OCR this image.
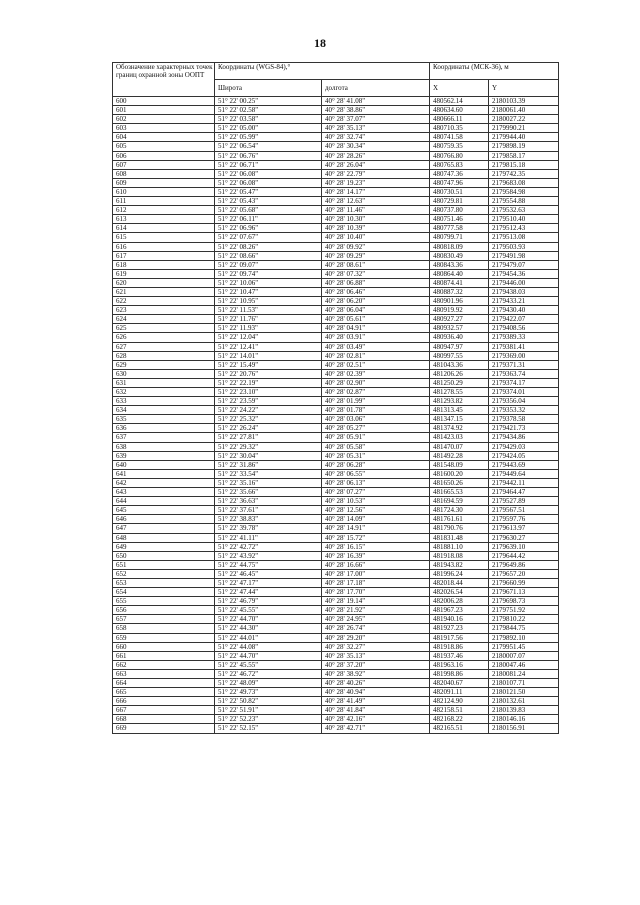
18
Обозначение характерных точек границ охранной зоны ООПТ	Координаты (WGS-84),°		Координаты (МСК-36), м	
	Широта	долгота	X	Y
600	51° 22' 00.25"	40° 28' 41.08"	480562.14	2180103.39
601	51° 22' 02.58"	40° 28' 38.86"	480634.60	2180061.40
602	51° 22' 03.58"	40° 28' 37.07"	480666.11	2180027.22
603	51° 22' 05.00"	40° 28' 35.13"	480710.35	2179990.21
604	51° 22' 05.99"	40° 28' 32.74"	480741.58	2179944.40
605	51° 22' 06.54"	40° 28' 30.34"	480759.35	2179898.19
606	51° 22' 06.76"	40° 28' 28.26"	480766.80	2179858.17
607	51° 22' 06.71"	40° 28' 26.04"	480765.83	2179815.18
608	51° 22' 06.08"	40° 28' 22.79"	480747.36	2179742.35
609	51° 22' 06.08"	40° 28' 19.23"	480747.96	2179683.08
610	51° 22' 05.47"	40° 28' 14.17"	480730.51	2179584.98
611	51° 22' 05.43"	40° 28' 12.63"	480729.81	2179554.88
612	51° 22' 05.68"	40° 28' 11.46"	480737.80	2179532.63
613	51° 22' 06.11"	40° 28' 10.30"	480751.46	2179510.40
614	51° 22' 06.96"	40° 28' 10.39"	480777.58	2179512.43
615	51° 22' 07.67"	40° 28' 10.40"	480799.71	2179513.08
616	51° 22' 08.26"	40° 28' 09.92"	480818.09	2179503.93
617	51° 22' 08.66"	40° 28' 09.29"	480830.49	2179491.98
618	51° 22' 09.07"	40° 28' 08.61"	480843.36	2179479.07
619	51° 22' 09.74"	40° 28' 07.32"	480864.40	2179454.36
620	51° 22' 10.06"	40° 28' 06.88"	480874.41	2179446.00
621	51° 22' 10.47"	40° 28' 06.46"	480887.32	2179438.03
622	51° 22' 10.95"	40° 28' 06.20"	480901.96	2179433.21
623	51° 22' 11.53"	40° 28' 06.04"	480919.92	2179430.40
624	51° 22' 11.76"	40° 28' 05.61"	480927.27	2179422.07
625	51° 22' 11.93"	40° 28' 04.91"	480932.57	2179408.56
626	51° 22' 12.04"	40° 28' 03.91"	480936.40	2179389.33
627	51° 22' 12.41"	40° 28' 03.49"	480947.97	2179381.41
628	51° 22' 14.01"	40° 28' 02.81"	480997.55	2179369.00
629	51° 22' 15.49"	40° 28' 02.51"	481043.36	2179371.31
630	51° 22' 20.76"	40° 28' 02.39"	481206.26	2179363.74
631	51° 22' 22.19"	40° 28' 02.90"	481250.29	2179374.17
632	51° 22' 23.10"	40° 28' 02.87"	481278.55	2179374.01
633	51° 22' 23.59"	40° 28' 01.99"	481293.82	2179356.04
634	51° 22' 24.22"	40° 28' 01.78"	481313.45	2179353.32
635	51° 22' 25.32"	40° 28' 03.06"	481347.15	2179378.58
636	51° 22' 26.24"	40° 28' 05.27"	481374.92	2179421.73
637	51° 22' 27.81"	40° 28' 05.91"	481423.03	2179434.86
638	51° 22' 29.32"	40° 28' 05.58"	481470.07	2179429.03
639	51° 22' 30.04"	40° 28' 05.31"	481492.28	2179424.05
640	51° 22' 31.86"	40° 28' 06.28"	481548.09	2179443.69
641	51° 22' 33.54"	40° 28' 06.55"	481600.20	2179449.64
642	51° 22' 35.16"	40° 28' 06.13"	481650.26	2179442.11
643	51° 22' 35.66"	40° 28' 07.27"	481665.53	2179464.47
644	51° 22' 36.63"	40° 28' 10.53"	481694.59	2179527.89
645	51° 22' 37.61"	40° 28' 12.56"	481724.30	2179567.51
646	51° 22' 38.83"	40° 28' 14.09"	481761.61	2179597.76
647	51° 22' 39.78"	40° 28' 14.91"	481790.76	2179613.97
648	51° 22' 41.11"	40° 28' 15.72"	481831.48	2179630.27
649	51° 22' 42.72"	40° 28' 16.15"	481881.10	2179639.10
650	51° 22' 43.92"	40° 28' 16.39"	481918.08	2179644.42
651	51° 22' 44.75"	40° 28' 16.66"	481943.82	2179649.86
652	51° 22' 46.45"	40° 28' 17.00"	481996.24	2179657.20
653	51° 22' 47.17"	40° 28' 17.18"	482018.44	2179660.99
654	51° 22' 47.44"	40° 28' 17.70"	482026.54	2179671.13
655	51° 22' 46.79"	40° 28' 19.14"	482006.28	2179698.73
656	51° 22' 45.55"	40° 28' 21.92"	481967.23	2179751.92
657	51° 22' 44.70"	40° 28' 24.95"	481940.16	2179810.22
658	51° 22' 44.30"	40° 28' 26.74"	481927.23	2179844.75
659	51° 22' 44.01"	40° 28' 29.20"	481917.56	2179892.10
660	51° 22' 44.08"	40° 28' 32.27"	481918.86	2179951.45
661	51° 22' 44.70"	40° 28' 35.13"	481937.46	2180007.07
662	51° 22' 45.55"	40° 28' 37.20"	481963.16	2180047.46
663	51° 22' 46.72"	40° 28' 38.92"	481998.86	2180081.24
664	51° 22' 48.09"	40° 28' 40.26"	482040.67	2180107.71
665	51° 22' 49.73"	40° 28' 40.94"	482091.11	2180121.50
666	51° 22' 50.82"	40° 28' 41.49"	482124.90	2180132.61
667	51° 22' 51.91"	40° 28' 41.84"	482158.51	2180139.83
668	51° 22' 52.23"	40° 28' 42.16"	482168.22	2180146.16
669	51° 22' 52.15"	40° 28' 42.71"	482165.51	2180156.91
